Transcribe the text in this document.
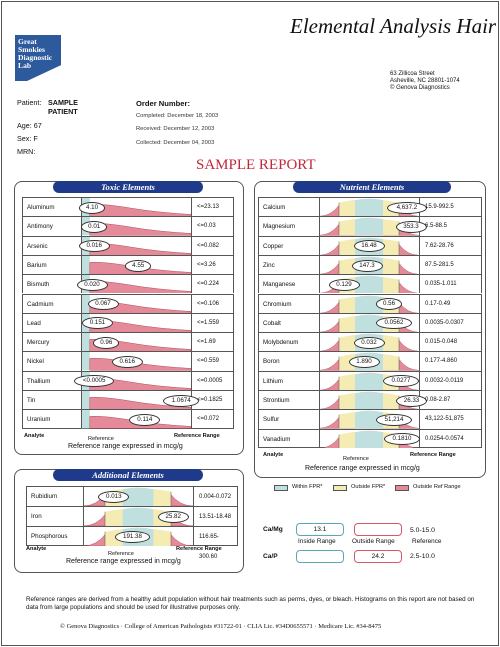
Elemental Analysis Hair
Great
Smokies
Diagnostic
Lab
63 Zillicoa Street
Asheville, NC 28801-1074
© Genova Diagnostics
Patient: SAMPLE
PATIENT
Age: 67
Sex: F
MRN:
Order Number:
Completed: December 18, 2003
Received: December 12, 2003
Collected: December 04, 2003
SAMPLE REPORT
Toxic Elements
Aluminum	4.10	<=23.13
Antimony	0.01	<=0.03
Arsenic	0.016	<=0.082
Barium	4.55	<=3.26
Bismuth	0.020	<=0.224
Cadmium	0.067	<=0.106
Lead	0.151	<=1.559
Mercury	0.96	<=1.69
Nickel	0.616	<=0.559
Thallium	<0.0005	<=0.0005
Tin	1.0674	<=0.1825
Uranium	0.114	<=0.072
Analyte	Reference	Reference Range
Reference range expressed in mcg/g
Nutrient Elements
Calcium	4,637.2	15.9-992.5
Magnesium	353.3	6.5-88.5
Copper	16.48	7.62-28.76
Zinc	147.3	87.5-281.5
Manganese	0.129	0.035-1.011
Chromium	0.56	0.17-0.49
Cobalt	0.0562	0.0035-0.0307
Molybdenum	0.032	0.015-0.048
Boron	1.890	0.177-4.860
Lithium	0.0277	0.0032-0.0119
Strontium	26.33 0.08-2.87
Sulfur	51,214	43,122-51,875
Vanadium	0.1810	0.0254-0.0574
Analyte
Reference
Reference Range
Reference range expressed in mcg/g
Within FPR*	Outside FPR*	Outside Ref Range
Additional Elements
Rubidium	0.013	0.004-0.072
Iron	25.82	13.51-18.48
Phosphorous	191.38	116.65-300.60
Analyte
Reference
Reference Range
Reference range expressed in mcg/g
Inside Range	Outside Range	Reference
Ca/Mg	13.1	5.0-15.0
Ca/P	24.2	2.5-10.0
Reference ranges are derived from a healthy adult population without hair treatments such as perms, dyes, or bleach. Histograms on this report are not based on data from large populations and should be used for illustrative purposes only.
© Genova Diagnostics · College of American Pathologists #31722-01 · CLIA Lic. #34D0655571 · Medicare Lic. #34-8475
